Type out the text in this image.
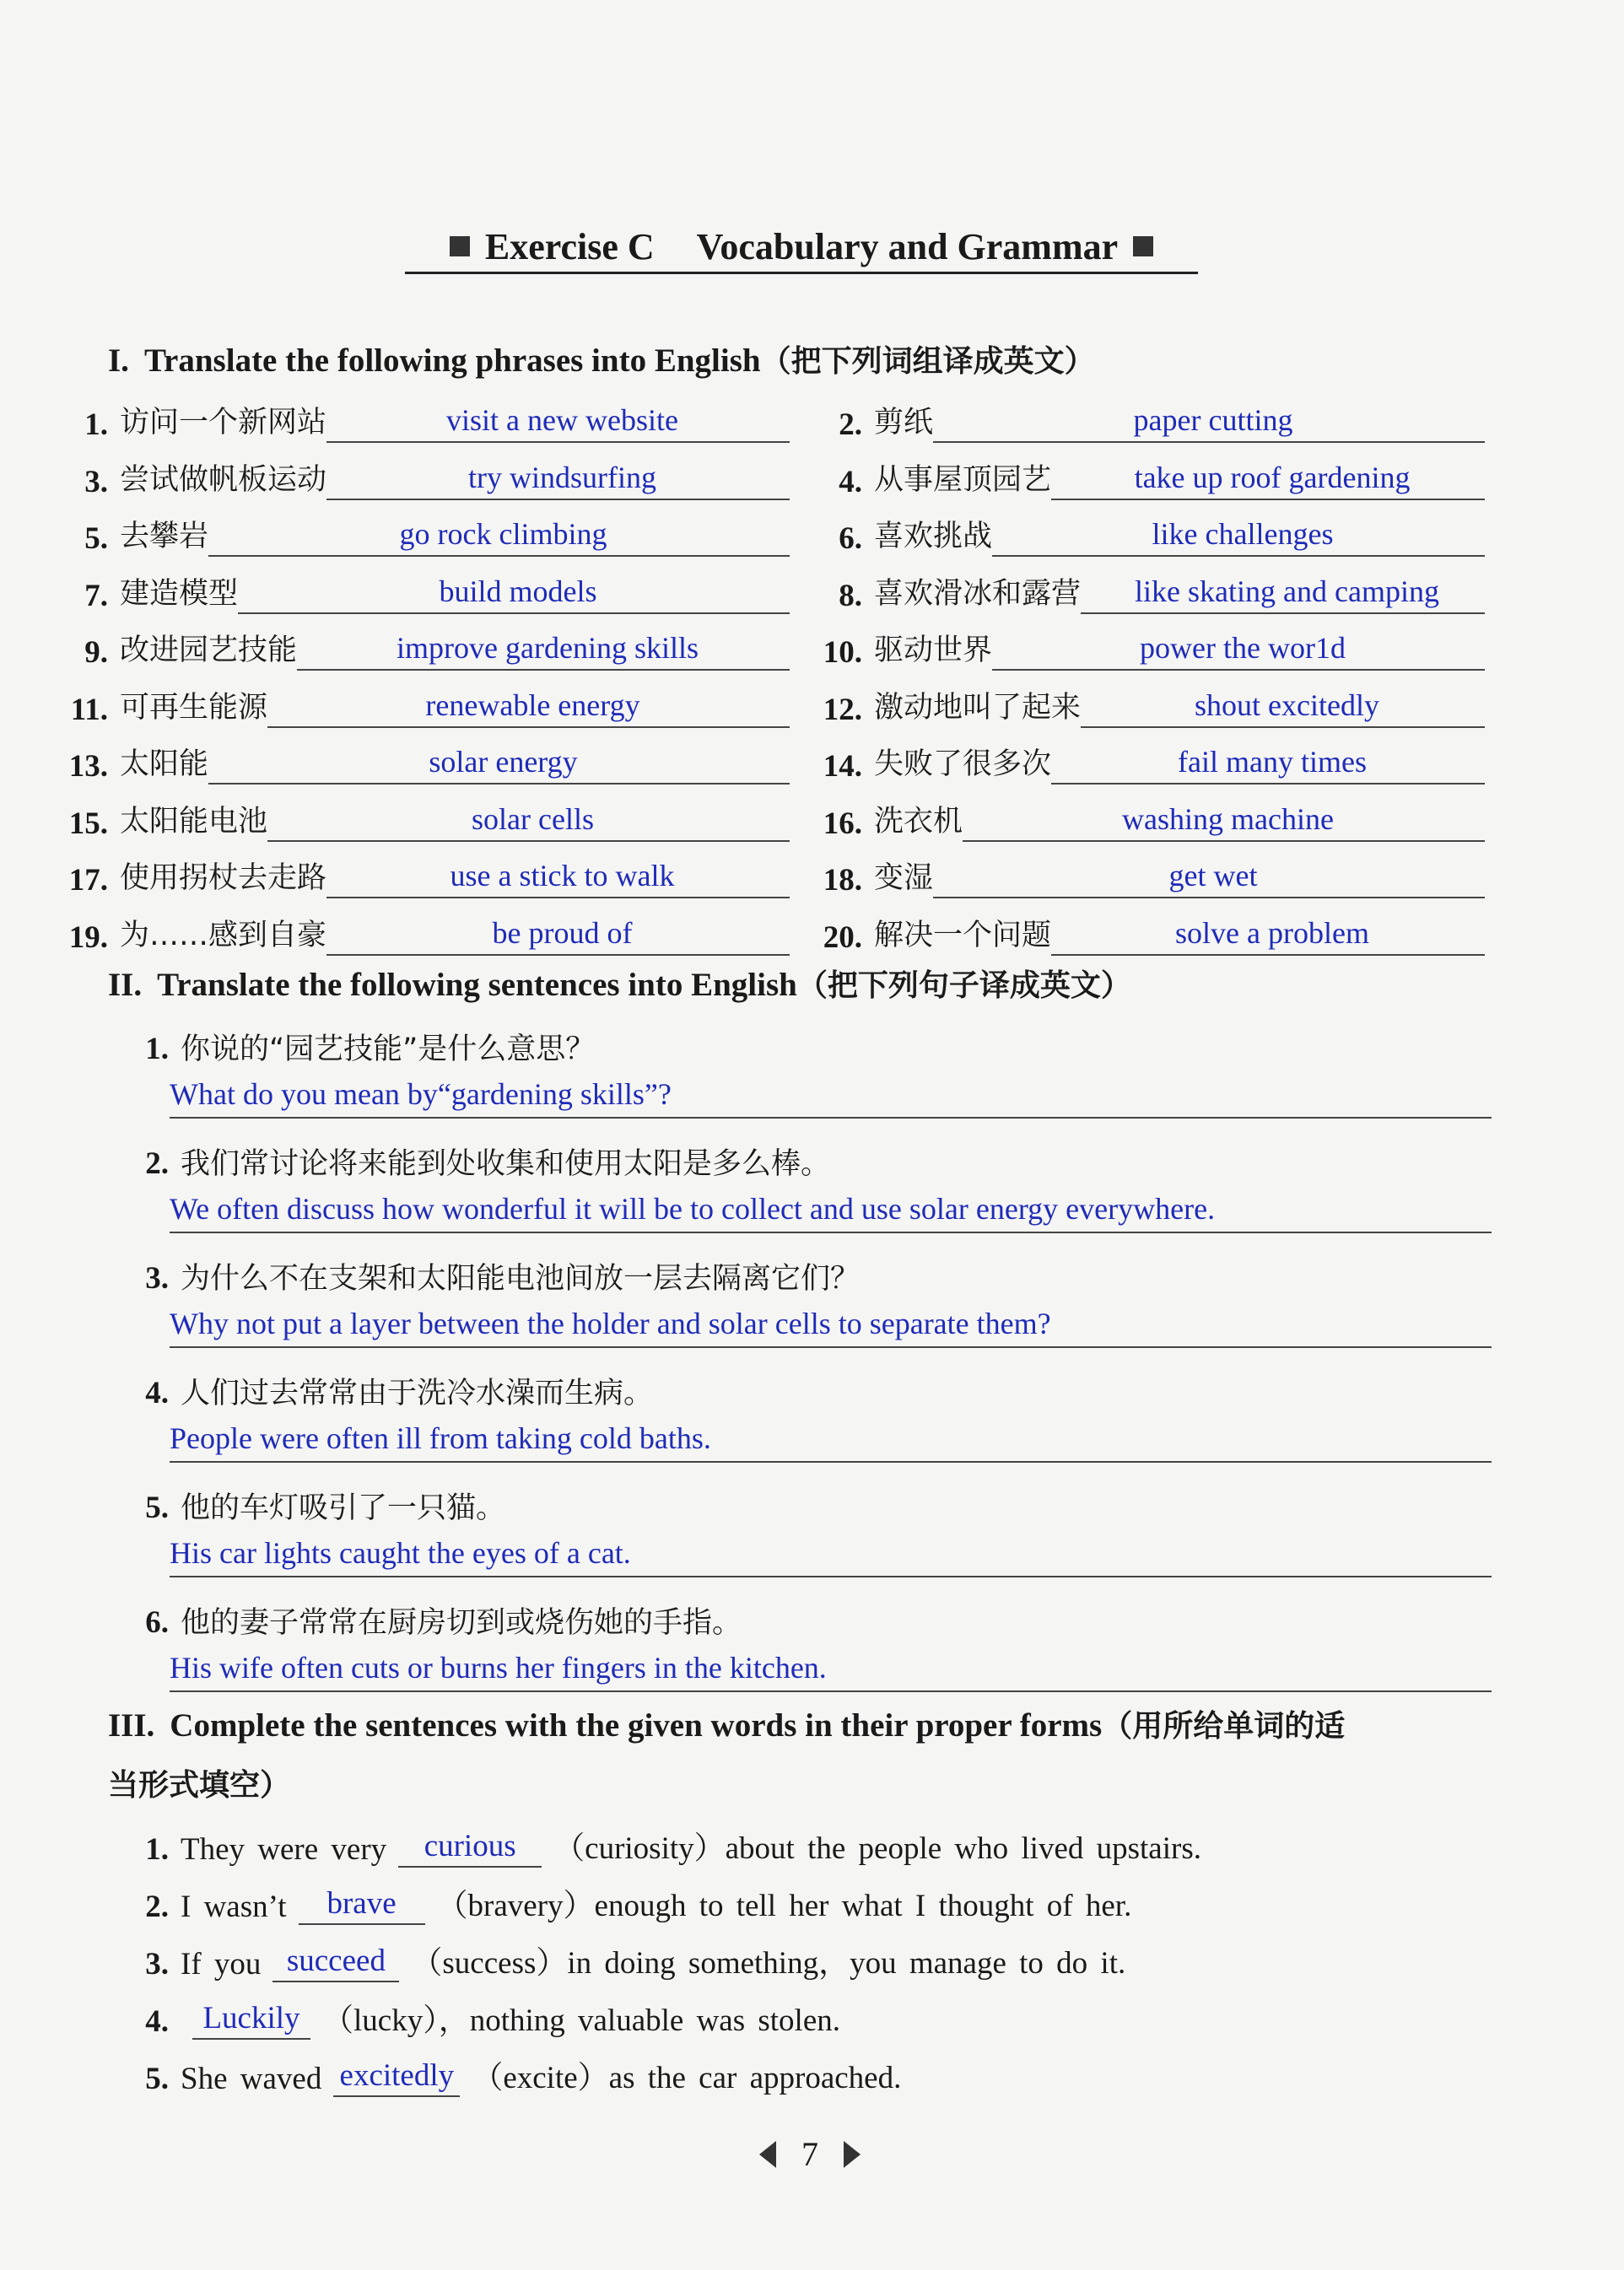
Exercise C Vocabulary and Grammar
I. Translate the following phrases into English（把下列词组译成英文）
1. 访问一个新网站	visit a new website	2. 剪纸	paper cutting
3. 尝试做帆板运动	try windsurfing	4. 从事屋顶园艺	take up roof gardening
5. 去攀岩	go rock climbing	6. 喜欢挑战	like challenges
7. 建造模型	build models	8. 喜欢滑冰和露营	like skating and camping
9. 改进园艺技能	improve gardening skills	10. 驱动世界	power the wor1d
11. 可再生能源	renewable energy	12. 激动地叫了起来	shout excitedly
13. 太阳能	solar energy	14. 失败了很多次	fail many times
15. 太阳能电池	solar cells	16. 洗衣机	washing machine
17. 使用拐杖去走路	use a stick to walk	18. 变湿	get wet
19. 为……感到自豪	be proud of	20. 解决一个问题	solve a problem
II. Translate the following sentences into English（把下列句子译成英文）
1. 你说的“园艺技能”是什么意思？
What do you mean by“gardening skills”?
2. 我们常讨论将来能到处收集和使用太阳是多么棒。
We often discuss how wonderful it will be to collect and use solar energy everywhere.
3. 为什么不在支架和太阳能电池间放一层去隔离它们？
Why not put a layer between the holder and solar cells to separate them?
4. 人们过去常常由于洗冷水澡而生病。
People were often ill from taking cold baths.
5. 他的车灯吸引了一只猫。
His car lights caught the eyes of a cat.
6. 他的妻子常常在厨房切到或烧伤她的手指。
His wife often cuts or burns her fingers in the kitchen.
III. Complete the sentences with the given words in their proper forms（用所给单词的适
当形式填空）
1. They were very	curious	（curiosity）about the people who lived upstairs.
2. I wasn’t	brave	（bravery）enough to tell her what I thought of her.
3. If you succeed （success）in doing something，you manage to do it.
4.	Luckily （lucky），nothing valuable was stolen.
5. She waved excitedly （excite）as the car approached.
7
